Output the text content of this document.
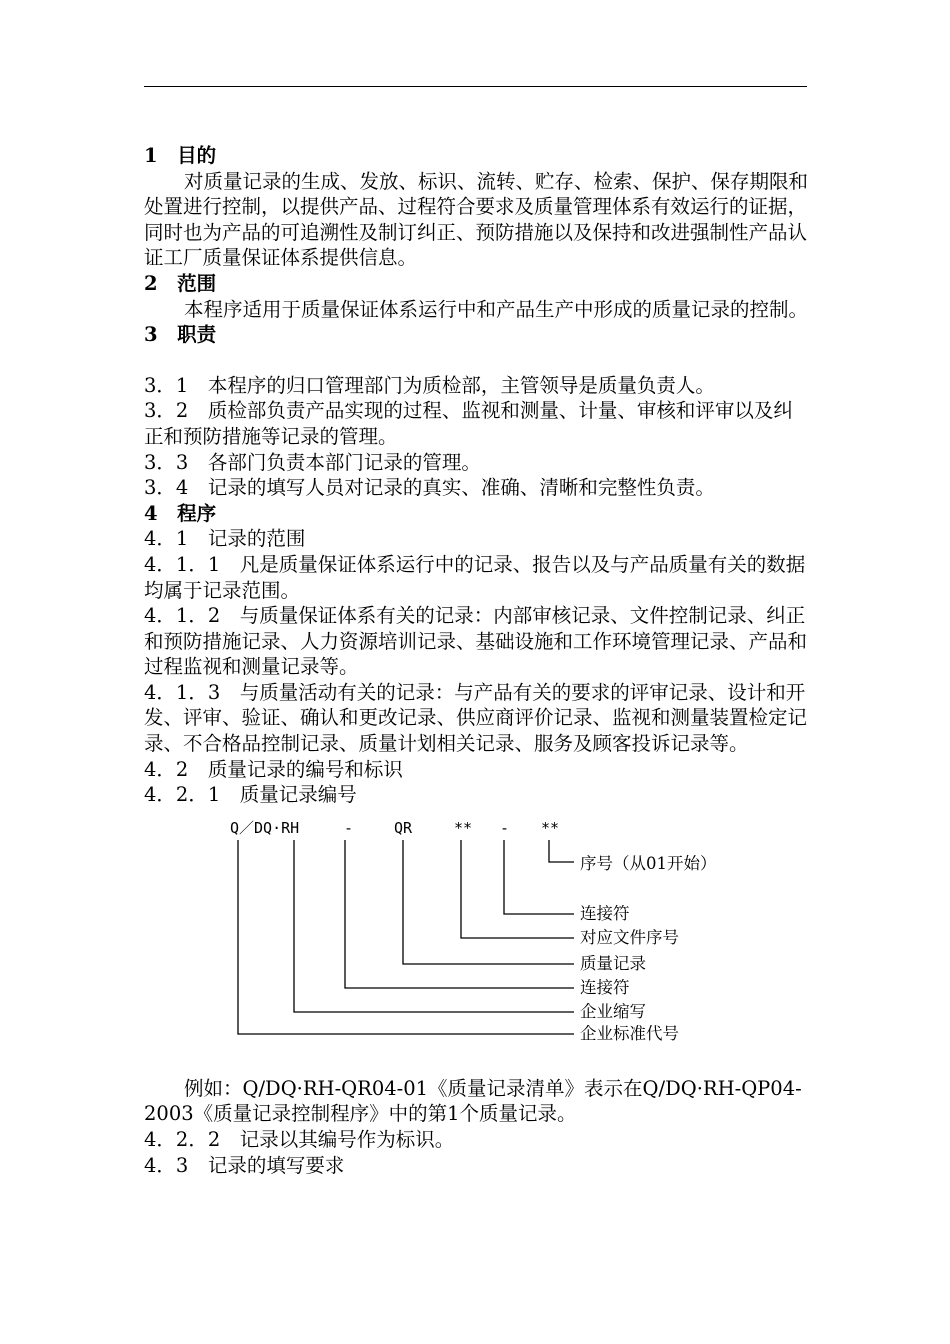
1　目的

对质量记录的生成、发放、标识、流转、贮存、检索、保护、保存期限和处置进行控制，以提供产品、过程符合要求及质量管理体系有效运行的证据，同时也为产品的可追溯性及制订纠正、预防措施以及保持和改进强制性产品认证工厂质量保证体系提供信息。

2　范围

本程序适用于质量保证体系运行中和产品生产中形成的质量记录的控制。

3　职责

3．1　本程序的归口管理部门为质检部，主管领导是质量负责人。

3．2　质检部负责产品实现的过程、监视和测量、计量、审核和评审以及纠正和预防措施等记录的管理。

3．3　各部门负责本部门记录的管理。

3．4　记录的填写人员对记录的真实、准确、清晰和完整性负责。

4　程序

4．1　记录的范围

4．1．1　凡是质量保证体系运行中的记录、报告以及与产品质量有关的数据均属于记录范围。

4．1．2　与质量保证体系有关的记录：内部审核记录、文件控制记录、纠正和预防措施记录、人力资源培训记录、基础设施和工作环境管理记录、产品和过程监视和测量记录等。

4．1．3　与质量活动有关的记录：与产品有关的要求的评审记录、设计和开发、评审、验证、确认和更改记录、供应商评价记录、监视和测量装置检定记录、不合格品控制记录、质量计划相关记录、服务及顾客投诉记录等。

4．2　质量记录的编号和标识

4．2．1　质量记录编号

Q／DQ·RH	-	QR	** - **
序号（从01开始）
连接符
对应文件序号
质量记录
连接符
企业缩写
企业标准代号

例如：Q/DQ·RH-QR04-01《质量记录清单》表示在Q/DQ·RH-QP04-2003《质量记录控制程序》中的第1个质量记录。

4．2．2　记录以其编号作为标识。

4．3　记录的填写要求
